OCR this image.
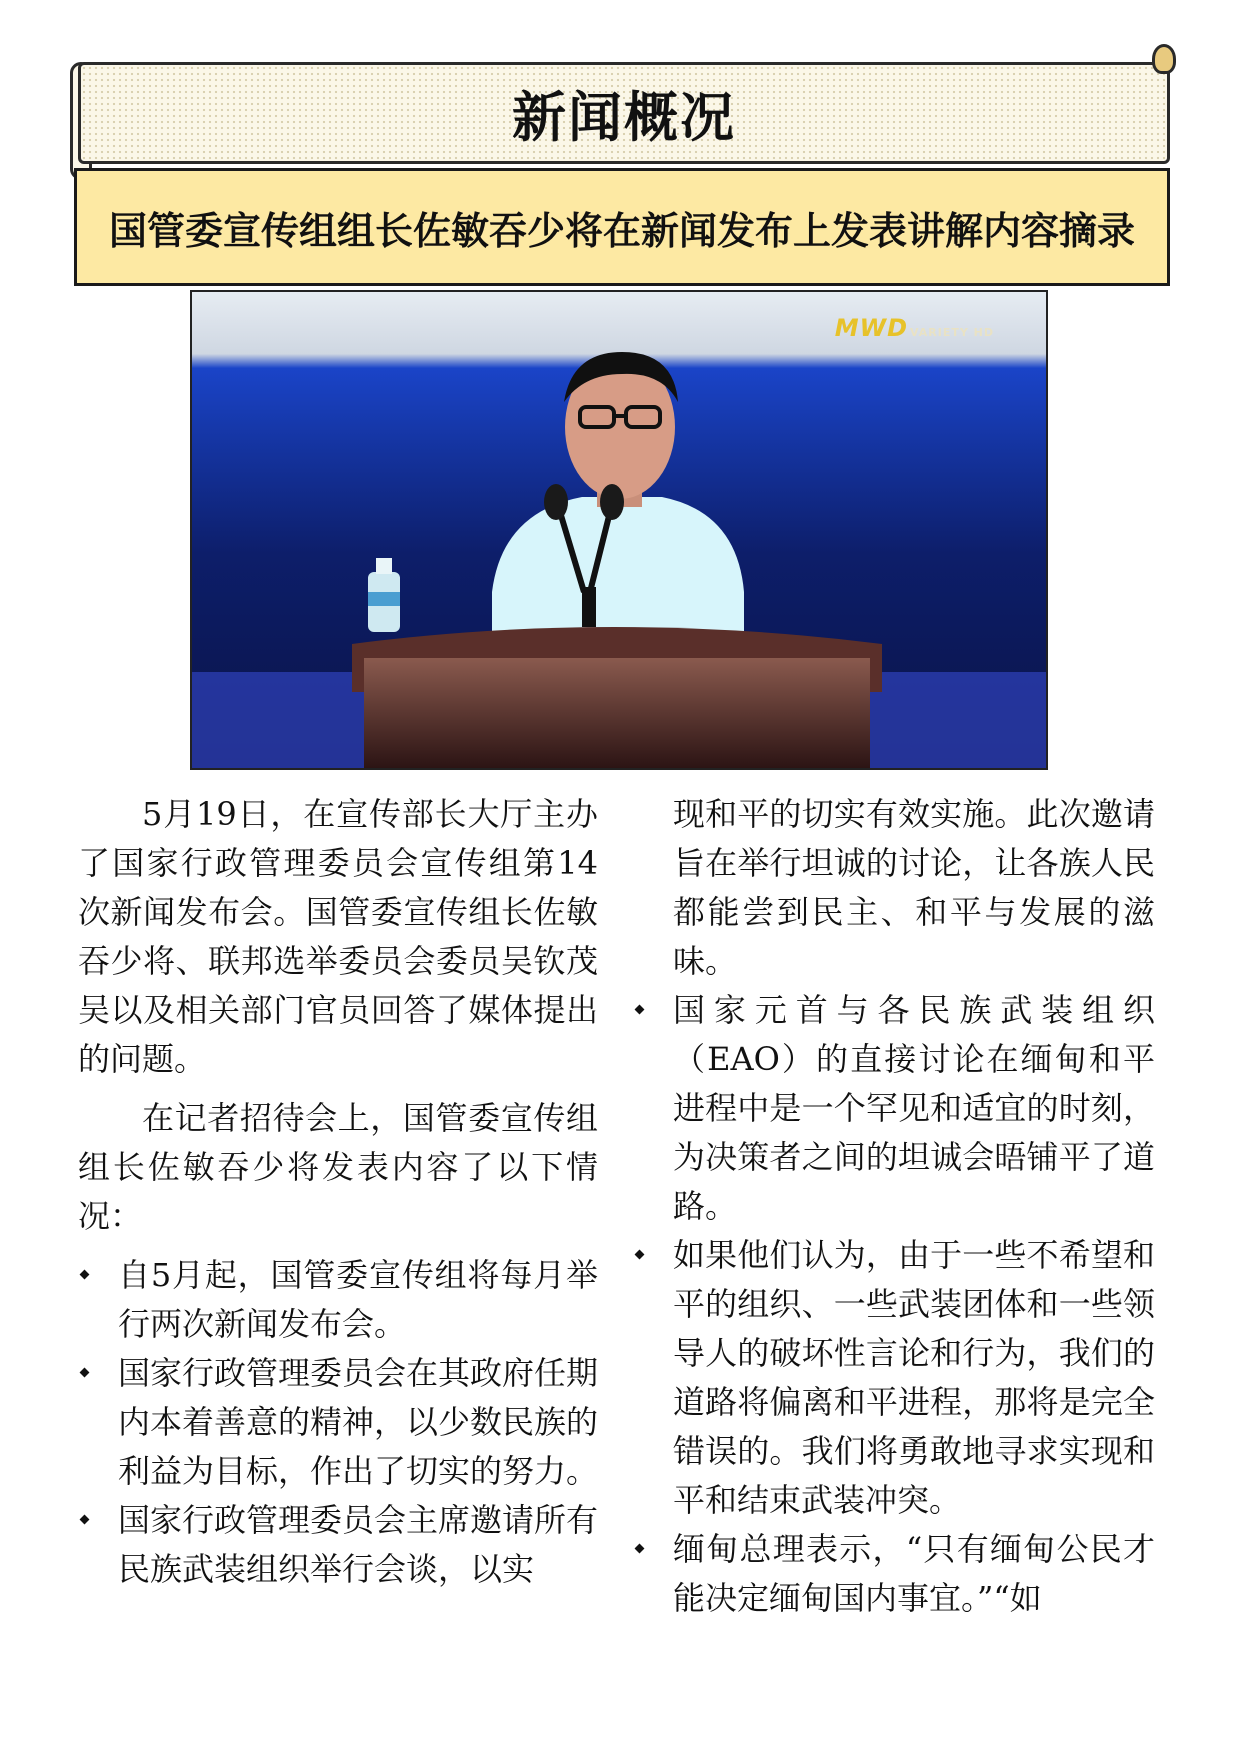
新闻概况
国管委宣传组组长佐敏吞少将在新闻发布上发表讲解内容摘录
MWD VARIETY HD

5月19日，在宣传部长大厅主办了国家行政管理委员会宣传组第14次新闻发布会。国管委宣传组长佐敏吞少将、联邦选举委员会委员吴钦茂吴以及相关部门官员回答了媒体提出的问题。

在记者招待会上，国管委宣传组组长佐敏吞少将发表内容了以下情况：

自5月起，国管委宣传组将每月举行两次新闻发布会。
国家行政管理委员会在其政府任期内本着善意的精神，以少数民族的利益为目标，作出了切实的努力。
国家行政管理委员会主席邀请所有民族武装组织举行会谈，以实
现和平的切实有效实施。此次邀请旨在举行坦诚的讨论，让各族人民都能尝到民主、和平与发展的滋味。
国家元首与各民族武装组织（EAO）的直接讨论在缅甸和平进程中是一个罕见和适宜的时刻，为决策者之间的坦诚会晤铺平了道路。
如果他们认为，由于一些不希望和平的组织、一些武装团体和一些领导人的破坏性言论和行为，我们的道路将偏离和平进程，那将是完全错误的。我们将勇敢地寻求实现和平和结束武装冲突。
缅甸总理表示，“只有缅甸公民才能决定缅甸国内事宜。”“如
